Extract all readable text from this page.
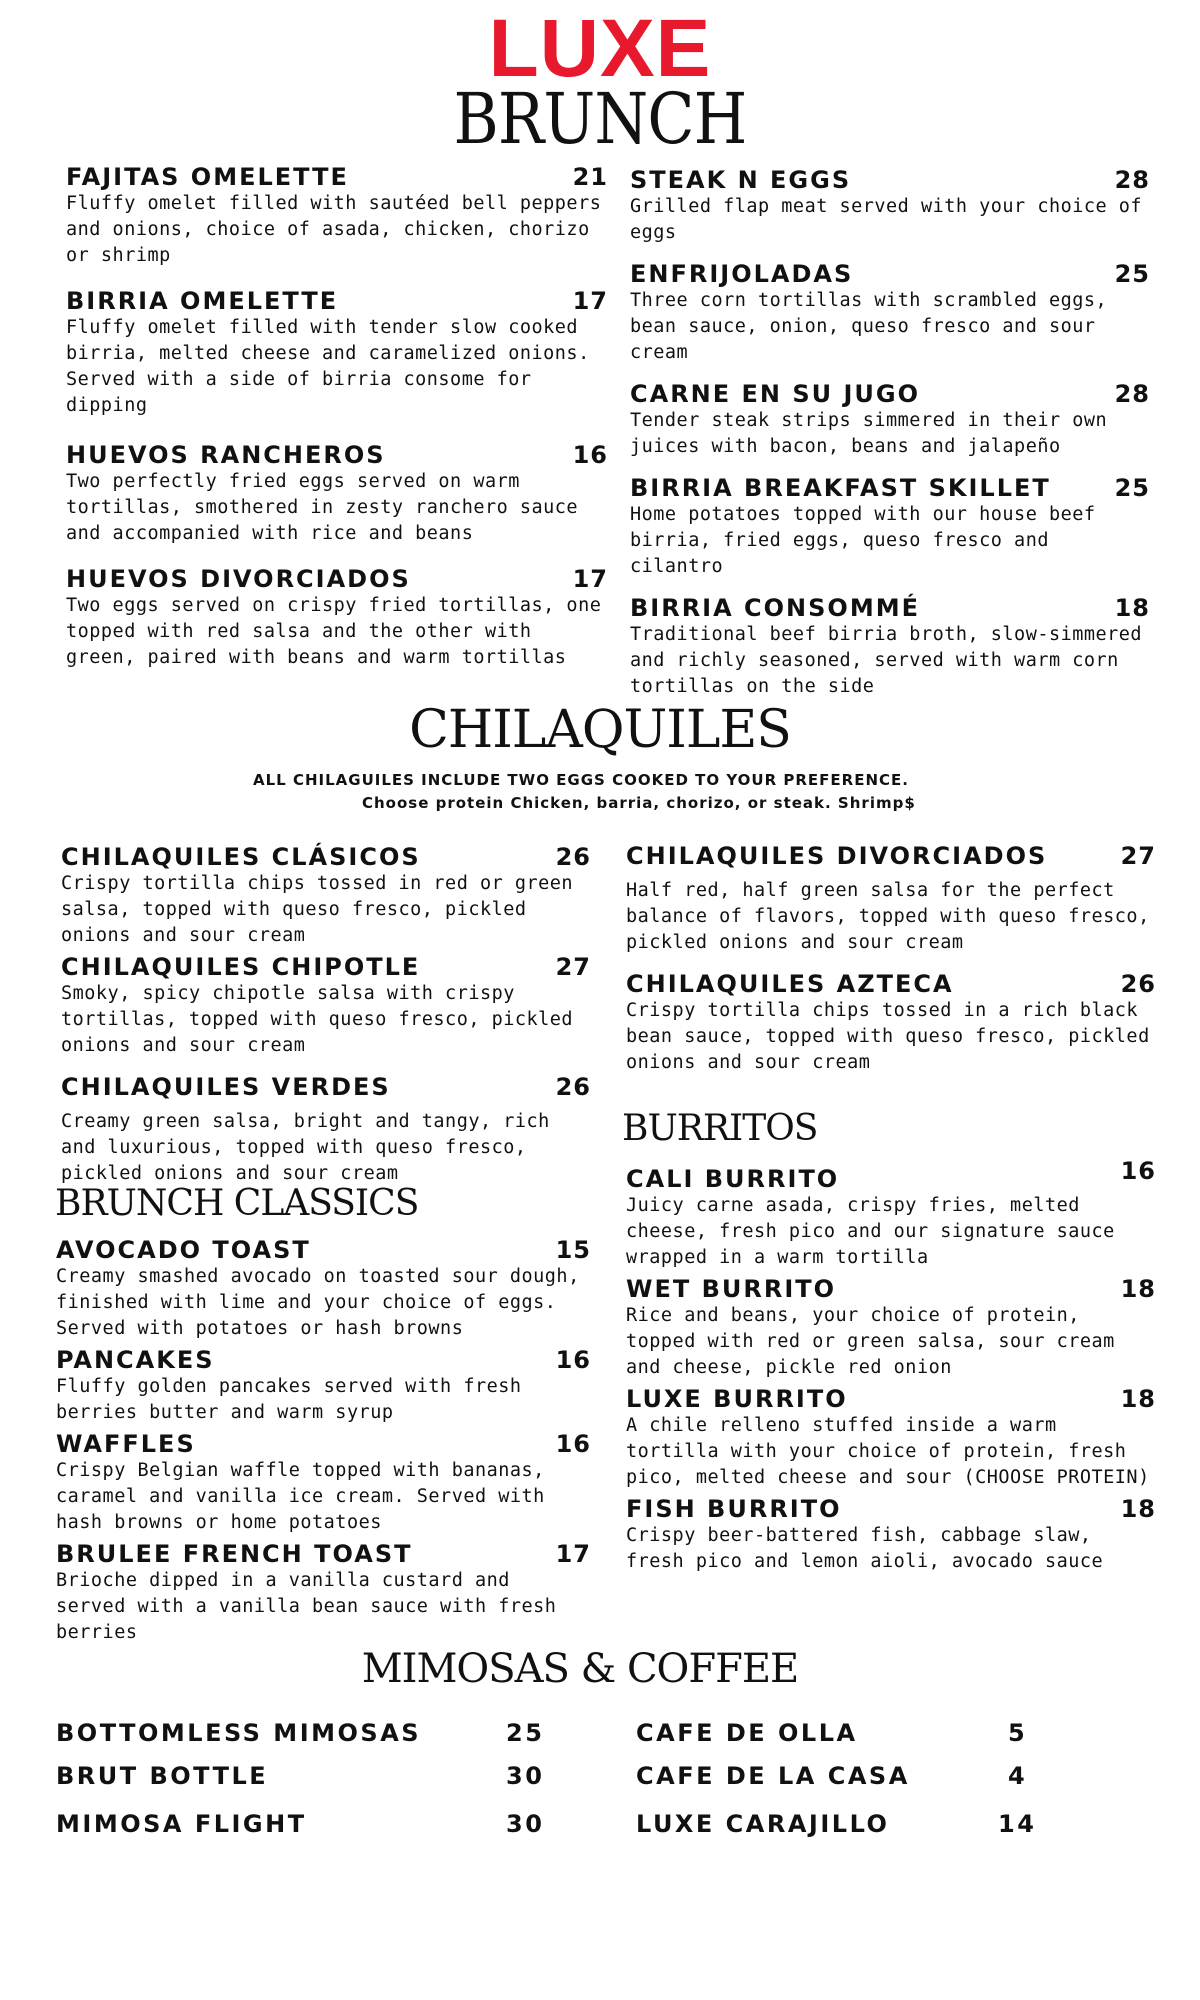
LUXE
BRUNCH
FAJITAS OMELETTE	21
Fluffy omelet filled with sautéed bell peppers and onions, choice of asada, chicken, chorizo or shrimp
BIRRIA OMELETTE	17
Fluffy omelet filled with tender slow cooked birria, melted cheese and caramelized onions. Served with a side of birria consome for dipping
HUEVOS RANCHEROS	16
Two perfectly fried eggs served on warm tortillas, smothered in zesty ranchero sauce and accompanied with rice and beans
HUEVOS DIVORCIADOS	17
Two eggs served on crispy fried tortillas, one topped with red salsa and the other with green, paired with beans and warm tortillas
STEAK N EGGS	28
Grilled flap meat served with your choice of eggs
ENFRIJOLADAS	25
Three corn tortillas with scrambled eggs, bean sauce, onion, queso fresco and sour cream
CARNE EN SU JUGO	28
Tender steak strips simmered in their own juices with bacon, beans and jalapeño
BIRRIA BREAKFAST SKILLET	25
Home potatoes topped with our house beef birria, fried eggs, queso fresco and cilantro
BIRRIA CONSOMMÉ	18
Traditional beef birria broth, slow-simmered and richly seasoned, served with warm corn tortillas on the side
CHILAQUILES
ALL CHILAGUILES INCLUDE TWO EGGS COOKED TO YOUR PREFERENCE.
Choose protein Chicken, barria, chorizo, or steak. Shrimp$
CHILAQUILES CLÁSICOS	26
Crispy tortilla chips tossed in red or green salsa, topped with queso fresco, pickled onions and sour cream
CHILAQUILES CHIPOTLE	27
Smoky, spicy chipotle salsa with crispy tortillas, topped with queso fresco, pickled onions and sour cream
CHILAQUILES VERDES	26
Creamy green salsa, bright and tangy, rich and luxurious, topped with queso fresco, pickled onions and sour cream
CHILAQUILES DIVORCIADOS	27
Half red, half green salsa for the perfect balance of flavors, topped with queso fresco, pickled onions and sour cream
CHILAQUILES AZTECA	26
Crispy tortilla chips tossed in a rich black bean sauce, topped with queso fresco, pickled onions and sour cream
BRUNCH CLASSICS
AVOCADO TOAST	15
Creamy smashed avocado on toasted sour dough, finished with lime and your choice of eggs. Served with potatoes or hash browns
PANCAKES	16
Fluffy golden pancakes served with fresh berries butter and warm syrup
WAFFLES	16
Crispy Belgian waffle topped with bananas, caramel and vanilla ice cream. Served with hash browns or home potatoes
BRULEE FRENCH TOAST	17
Brioche dipped in a vanilla custard and served with a vanilla bean sauce with fresh berries
BURRITOS
CALI BURRITO	16
Juicy carne asada, crispy fries, melted cheese, fresh pico and our signature sauce wrapped in a warm tortilla
WET BURRITO	18
Rice and beans, your choice of protein, topped with red or green salsa, sour cream and cheese, pickle red onion
LUXE BURRITO	18
A chile relleno stuffed inside a warm tortilla with your choice of protein, fresh pico, melted cheese and sour (CHOOSE PROTEIN)
FISH BURRITO	18
Crispy beer-battered fish, cabbage slaw, fresh pico and lemon aioli, avocado sauce
MIMOSAS & COFFEE
BOTTOMLESS MIMOSAS	25	CAFE DE OLLA	5
BRUT BOTTLE	30	CAFE DE LA CASA	4
MIMOSA FLIGHT	30	LUXE CARAJILLO	14
